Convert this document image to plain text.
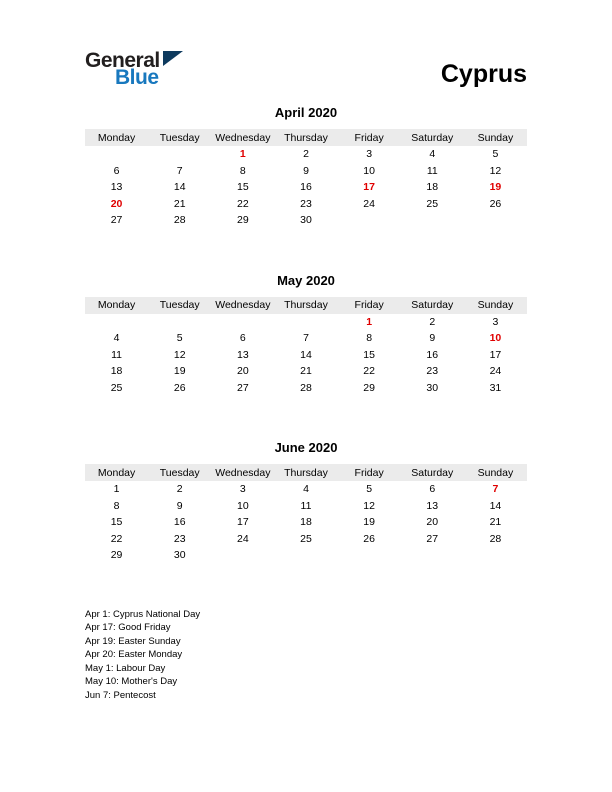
General
Blue	Cyprus
April 2020
Monday	Tuesday	Wednesday	Thursday	Friday	Saturday	Sunday
		1	2	3	4	5
6	7	8	9	10	11	12
13	14	15	16	17	18	19
20	21	22	23	24	25	26
27	28	29	30			
May 2020
Monday	Tuesday	Wednesday	Thursday	Friday	Saturday	Sunday
				1	2	3
4	5	6	7	8	9	10
11	12	13	14	15	16	17
18	19	20	21	22	23	24
25	26	27	28	29	30	31
June 2020
Monday	Tuesday	Wednesday	Thursday	Friday	Saturday	Sunday
1	2	3	4	5	6	7
8	9	10	11	12	13	14
15	16	17	18	19	20	21
22	23	24	25	26	27	28
29	30					
Apr 1: Cyprus National Day
Apr 17: Good Friday
Apr 19: Easter Sunday
Apr 20: Easter Monday
May 1: Labour Day
May 10: Mother's Day
Jun 7: Pentecost
